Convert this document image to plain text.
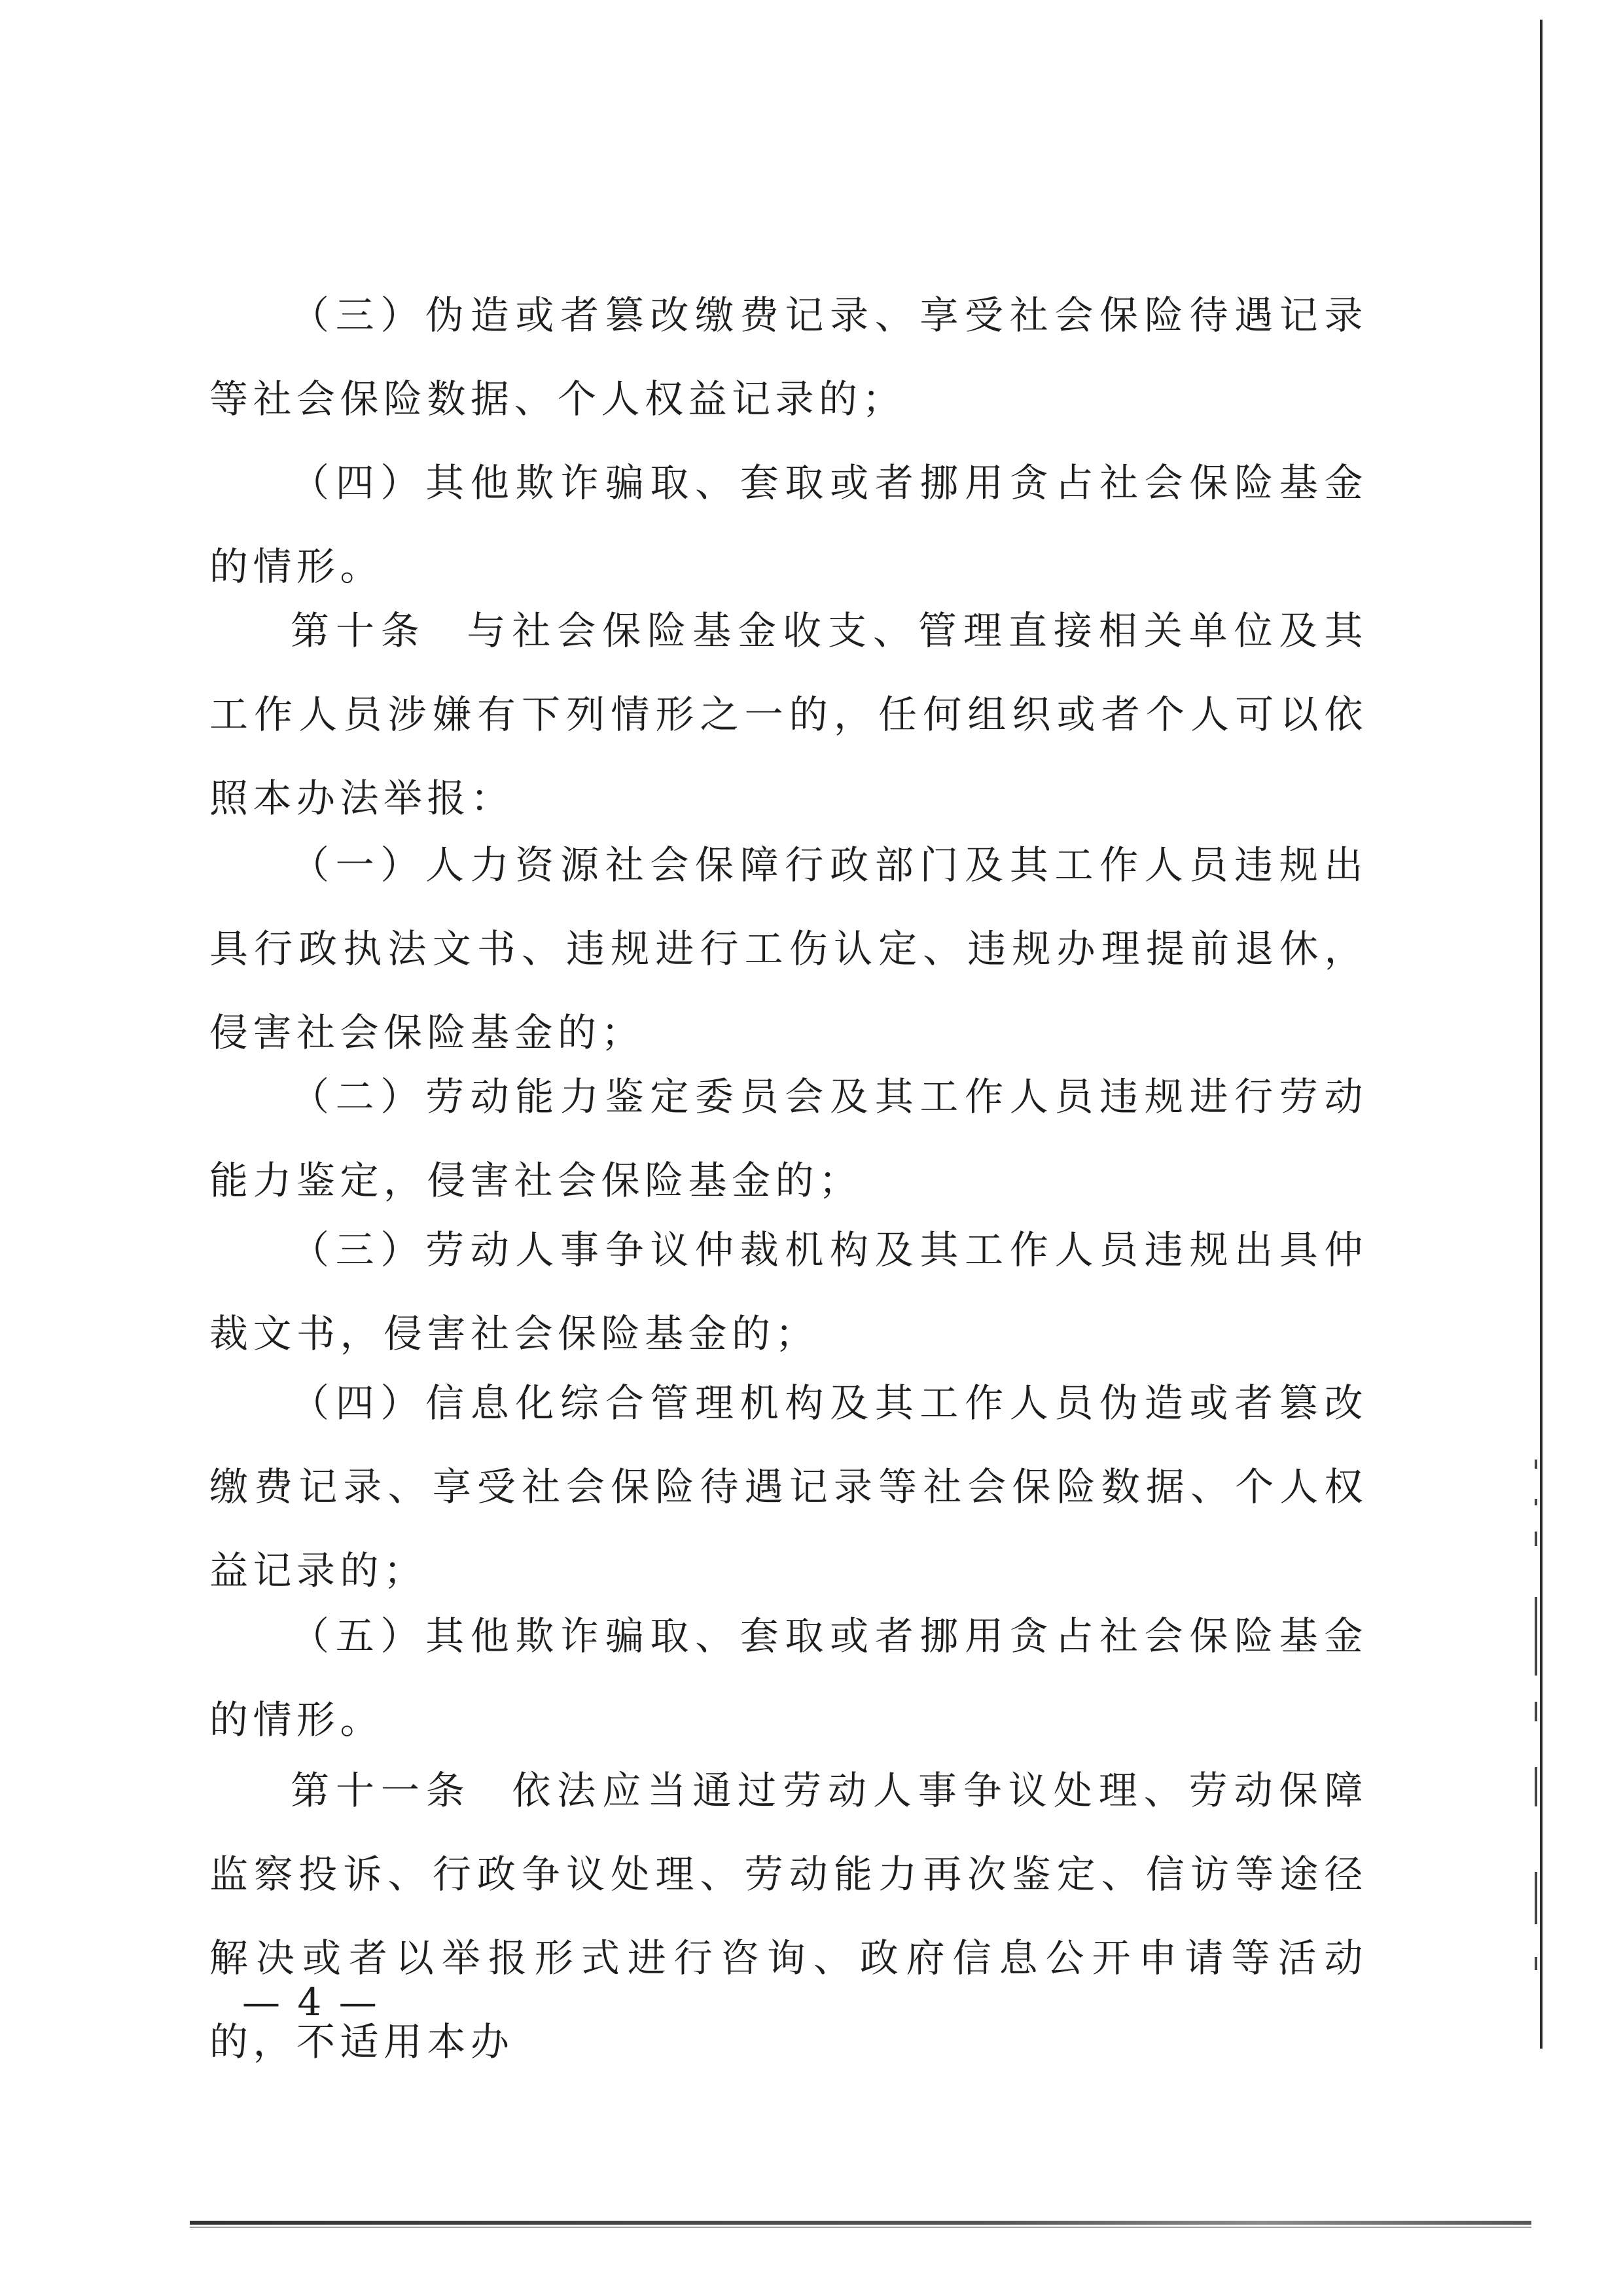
（三）伪造或者篡改缴费记录、享受社会保险待遇记录等社会保险数据、个人权益记录的；

（四）其他欺诈骗取、套取或者挪用贪占社会保险基金的情形。

第十条 与社会保险基金收支、管理直接相关单位及其工作人员涉嫌有下列情形之一的，任何组织或者个人可以依照本办法举报：

（一）人力资源社会保障行政部门及其工作人员违规出具行政执法文书、违规进行工伤认定、违规办理提前退休，侵害社会保险基金的；

（二）劳动能力鉴定委员会及其工作人员违规进行劳动能力鉴定，侵害社会保险基金的；

（三）劳动人事争议仲裁机构及其工作人员违规出具仲裁文书，侵害社会保险基金的；

（四）信息化综合管理机构及其工作人员伪造或者篡改缴费记录、享受社会保险待遇记录等社会保险数据、个人权益记录的；

（五）其他欺诈骗取、套取或者挪用贪占社会保险基金的情形。

第十一条 依法应当通过劳动人事争议处理、劳动保障监察投诉、行政争议处理、劳动能力再次鉴定、信访等途径解决或者以举报形式进行咨询、政府信息公开申请等活动的，不适用本办

— 4 —
